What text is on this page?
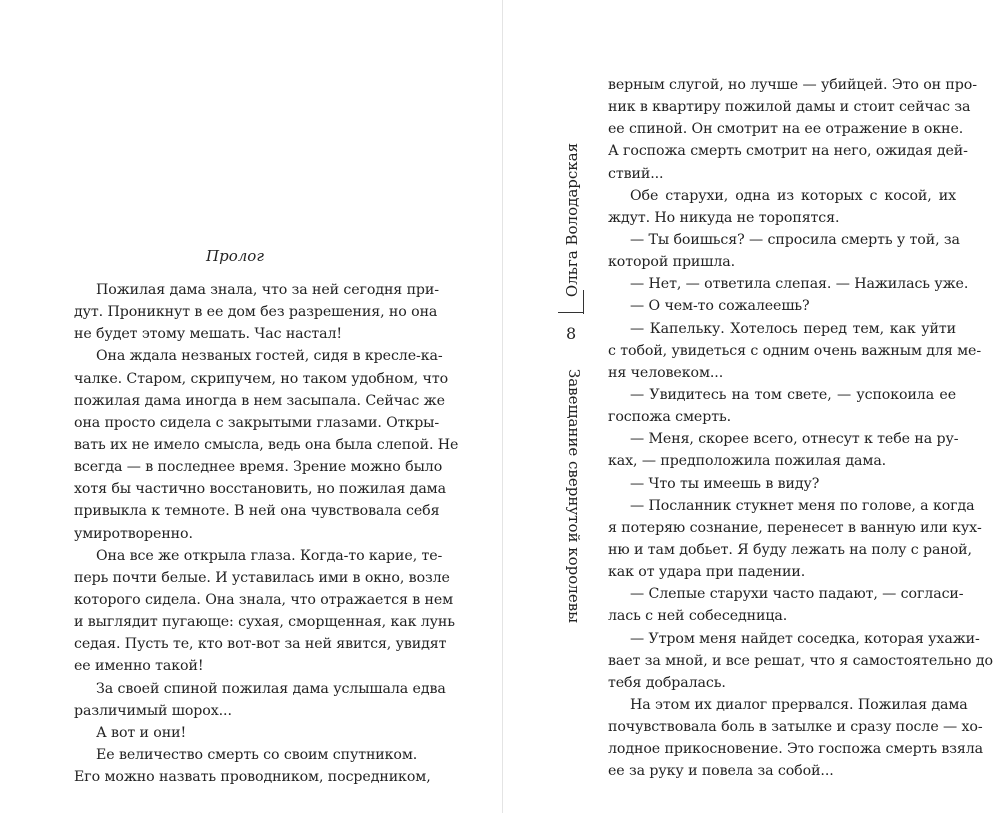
Пролог
Пожилая дама знала, что за ней сегодня при-
дут. Проникнут в ее дом без разрешения, но она
не будет этому мешать. Час настал!
Она ждала незваных гостей, сидя в кресле-ка-
чалке. Старом, скрипучем, но таком удобном, что
пожилая дама иногда в нем засыпала. Сейчас же
она просто сидела с закрытыми глазами. Откры-
вать их не имело смысла, ведь она была слепой. Не
всегда — в последнее время. Зрение можно было
хотя бы частично восстановить, но пожилая дама
привыкла к темноте. В ней она чувствовала себя
умиротворенно.
Она все же открыла глаза. Когда-то карие, те-
перь почти белые. И уставилась ими в окно, возле
которого сидела. Она знала, что отражается в нем
и выглядит пугающе: сухая, сморщенная, как лунь
седая. Пусть те, кто вот-вот за ней явится, увидят
ее именно такой!
За своей спиной пожилая дама услышала едва
различимый шорох...
А вот и они!
Ее величество смерть со своим спутником.
Его можно назвать проводником, посредником,
Ольга Володарская
8
Завещание свернутой королевы
верным слугой, но лучше — убийцей. Это он про-
ник в квартиру пожилой дамы и стоит сейчас за
ее спиной. Он смотрит на ее отражение в окне.
А госпожа смерть смотрит на него, ожидая дей-
ствий...
Обе старухи, одна из которых с косой, их
ждут. Но никуда не торопятся.
— Ты боишься? — спросила смерть у той, за
которой пришла.
— Нет, — ответила слепая. — Нажилась уже.
— О чем-то сожалеешь?
— Капельку. Хотелось перед тем, как уйти
с тобой, увидеться с одним очень важным для ме-
ня человеком...
— Увидитесь на том свете, — успокоила ее
госпожа смерть.
— Меня, скорее всего, отнесут к тебе на ру-
ках, — предположила пожилая дама.
— Что ты имеешь в виду?
— Посланник стукнет меня по голове, а когда
я потеряю сознание, перенесет в ванную или кух-
ню и там добьет. Я буду лежать на полу с раной,
как от удара при падении.
— Слепые старухи часто падают, — согласи-
лась с ней собеседница.
— Утром меня найдет соседка, которая ухажи-
вает за мной, и все решат, что я самостоятельно до
тебя добралась.
На этом их диалог прервался. Пожилая дама
почувствовала боль в затылке и сразу после — хо-
лодное прикосновение. Это госпожа смерть взяла
ее за руку и повела за собой...
